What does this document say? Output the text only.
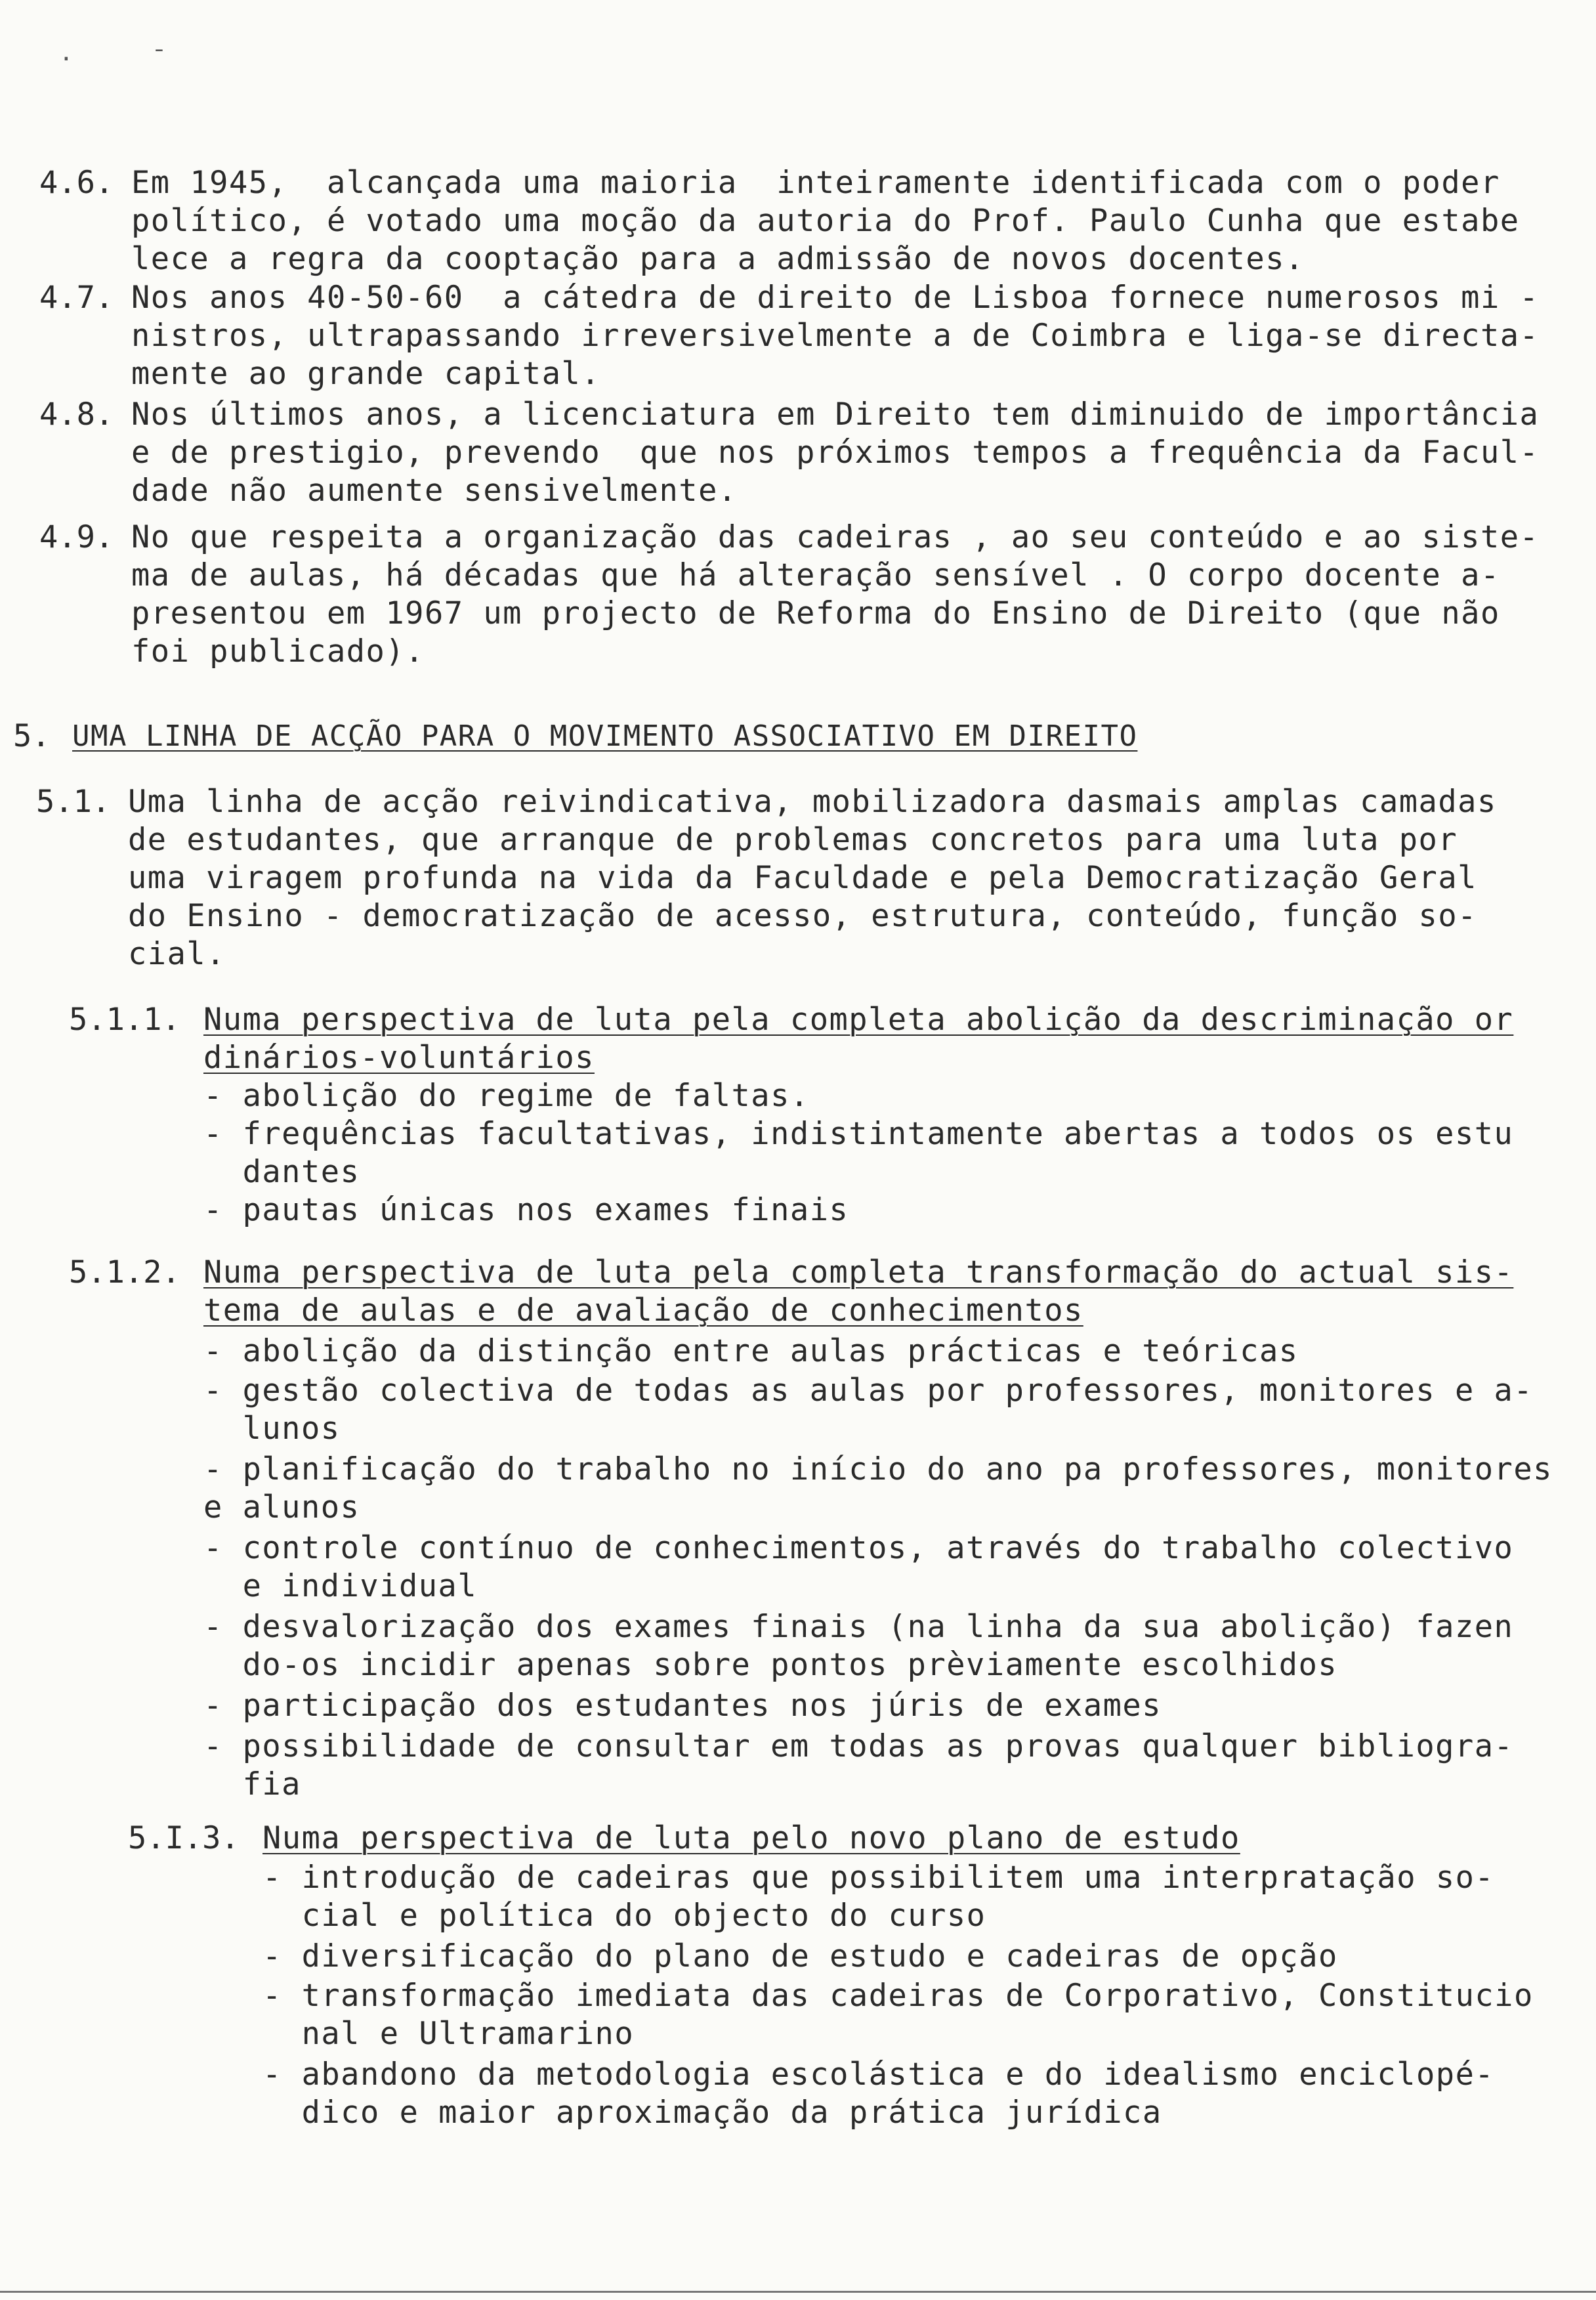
·ˉ
4.6. Em 1945,  alcançada uma maioria  inteiramente identificada com o poder
político, é votado uma moção da autoria do Prof. Paulo Cunha que estabe
lece a regra da cooptação para a admissão de novos docentes.
4.7. Nos anos 40-50-60  a cátedra de direito de Lisboa fornece numerosos mi -
nistros, ultrapassando irreversivelmente a de Coimbra e liga-se directa-
mente ao grande capital.
4.8. Nos últimos anos, a licenciatura em Direito tem diminuido de importância
e de prestigio, prevendo  que nos próximos tempos a frequência da Facul-
dade não aumente sensivelmente.
4.9. No que respeita a organização das cadeiras , ao seu conteúdo e ao siste-
ma de aulas, há décadas que há alteração sensível . O corpo docente a-
presentou em 1967 um projecto de Reforma do Ensino de Direito (que não
foi publicado).
5. UMA LINHA DE ACÇÃO PARA O MOVIMENTO ASSOCIATIVO EM DIREITO
5.1. Uma linha de acção reivindicativa, mobilizadora dasmais amplas camadas
de estudantes, que arranque de problemas concretos para uma luta por
uma viragem profunda na vida da Faculdade e pela Democratização Geral
do Ensino - democratização de acesso, estrutura, conteúdo, função so-
cial.
5.1.1. Numa perspectiva de luta pela completa abolição da descriminação or
dinários-voluntários
- abolição do regime de faltas.
- frequências facultativas, indistintamente abertas a todos os estu
dantes
- pautas únicas nos exames finais
5.1.2. Numa perspectiva de luta pela completa transformação do actual sis-
tema de aulas e de avaliação de conhecimentos
- abolição da distinção entre aulas prácticas e teóricas
- gestão colectiva de todas as aulas por professores, monitores e a-
lunos
- planificação do trabalho no início do ano pa professores, monitores
e alunos
- controle contínuo de conhecimentos, através do trabalho colectivo
e individual
- desvalorização dos exames finais (na linha da sua abolição) fazen
do-os incidir apenas sobre pontos prèviamente escolhidos
- participação dos estudantes nos júris de exames
- possibilidade de consultar em todas as provas qualquer bibliogra-
fia
5.I.3. Numa perspectiva de luta pelo novo plano de estudo
- introdução de cadeiras que possibilitem uma interpratação so-
cial e política do objecto do curso
- diversificação do plano de estudo e cadeiras de opção
- transformação imediata das cadeiras de Corporativo, Constitucio
nal e Ultramarino
- abandono da metodologia escolástica e do idealismo enciclopé-
dico e maior aproximação da prática jurídica
